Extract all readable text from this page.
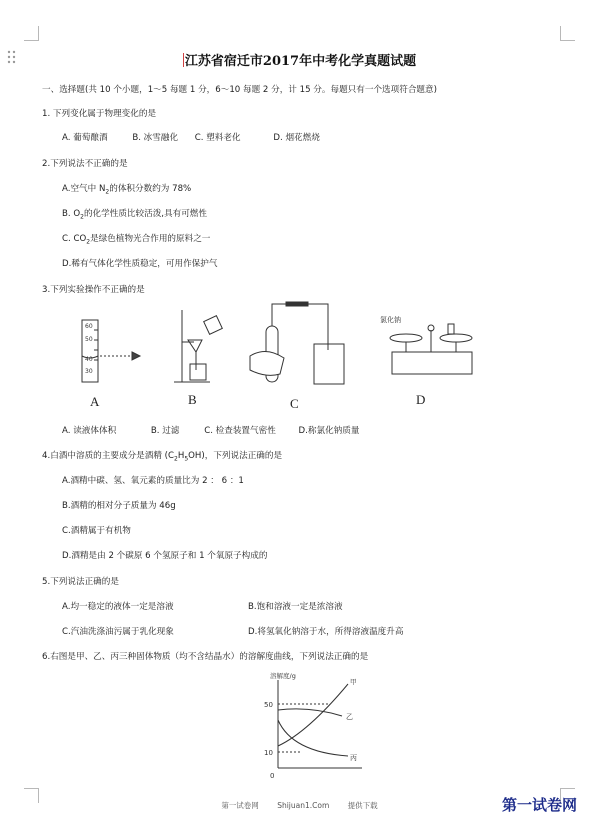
江苏省宿迁市2017年中考化学真题试题
一、选择题(共 10 个小题，1～5 每题 1 分，6～10 每题 2 分，计 15 分。每题只有一个选项符合题意)
1. 下列变化属于物理变化的是
A. 葡萄酿酒	B. 冰雪融化 C. 塑料老化	D. 烟花燃烧
2.下列说法不正确的是
A.空气中 $N_2$的体积分数约为 78%
B. $O_2$的化学性质比较活泼,具有可燃性
C. $CO_2$是绿色植物光合作用的原料之一
D.稀有气体化学性质稳定，可用作保护气
3.下列实验操作不正确的是
60
50
40
30
氯化钠
A	B	C	D
A. 读液体体积	B. 过滤	C. 检查装置气密性	D.称氯化钠质量
4.白酒中溶质的主要成分是酒精 $(C_2H_5OH)$，下列说法正确的是
A.酒精中碳、氢、氧元素的质量比为 2 ： 6 ：1
B.酒精的相对分子质量为 46g
C.酒精属于有机物
D.酒精是由 2 个碳原 6 个氢原子和 1 个氧原子构成的
5.下列说法正确的是
A.均一稳定的液体一定是溶液	B.饱和溶液一定是浓溶液
C.汽油洗涤油污属于乳化现象	D.将氢氧化钠溶于水，所得溶液温度升高
6.右图是甲、乙、丙三种固体物质（均不含结晶水）的溶解度曲线，下列说法正确的是
溶解度/g
50
10
0
甲
乙
丙
第一试卷网 Shijuan1.Com 提供下载	第一试卷网
